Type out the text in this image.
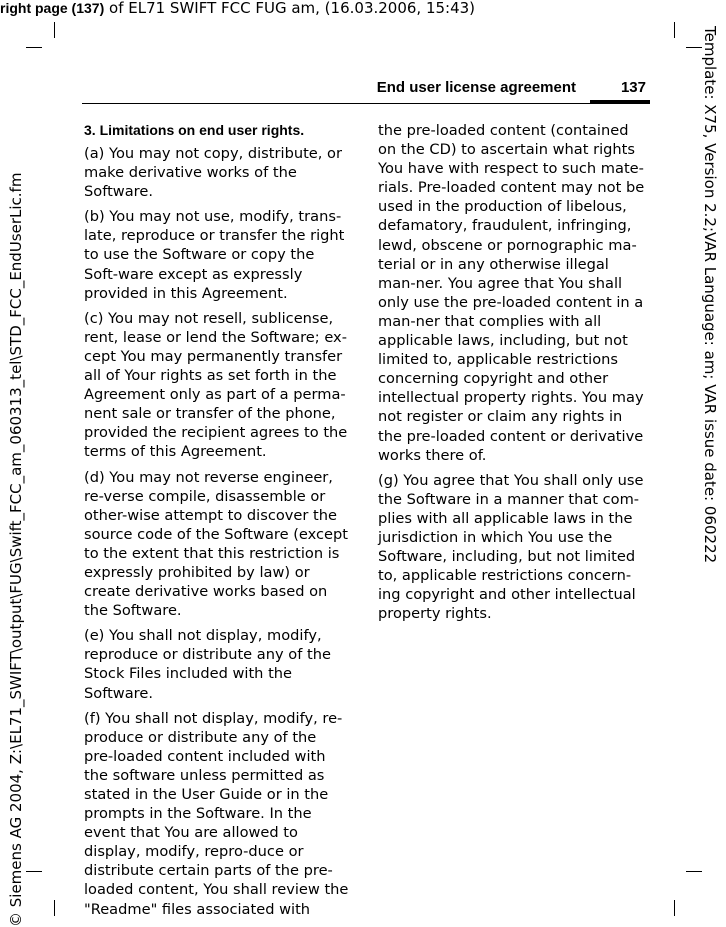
right page (137) of EL71 SWIFT FCC FUG am, (16.03.2006, 15:43)
End user license agreement	137
3. Limitations on end user rights.

(a) You may not copy, distribute, or make derivative works of the Software.

(b) You may not use, modify, trans-late, reproduce or transfer the right to use the Software or copy the Soft-ware except as expressly provided in this Agreement.

(c) You may not resell, sublicense, rent, lease or lend the Software; ex-cept You may permanently transfer all of Your rights as set forth in the Agreement only as part of a perma-nent sale or transfer of the phone, provided the recipient agrees to the terms of this Agreement.

(d) You may not reverse engineer, re-verse compile, disassemble or other-wise attempt to discover the source code of the Software (except to the extent that this restriction is expressly prohibited by law) or create derivative works based on the Software.

(e) You shall not display, modify, reproduce or distribute any of the Stock Files included with the Software.

(f) You shall not display, modify, re-produce or distribute any of the pre-loaded content included with the software unless permitted as stated in the User Guide or in the prompts in the Software. In the event that You are allowed to display, modify, repro-duce or distribute certain parts of the pre-loaded content, You shall review the "Readme" files associated with

the pre-loaded content (contained on the CD) to ascertain what rights You have with respect to such mate-rials. Pre-loaded content may not be used in the production of libelous, defamatory, fraudulent, infringing, lewd, obscene or pornographic ma-terial or in any otherwise illegal man-ner. You agree that You shall only use the pre-loaded content in a man-ner that complies with all applicable laws, including, but not limited to, applicable restrictions concerning copyright and other intellectual property rights. You may not register or claim any rights in the pre-loaded content or derivative works there of.

(g) You agree that You shall only use the Software in a manner that com-plies with all applicable laws in the jurisdiction in which You use the Software, including, but not limited to, applicable restrictions concern-ing copyright and other intellectual property rights.

© Siemens AG 2004, Z:\EL71_SWIFT\output\FUG\Swift_FCC_am_060313_tel\STD_FCC_EndUserLic.fm	Template: X75, Version 2.2;VAR Language: am; VAR issue date: 060222
